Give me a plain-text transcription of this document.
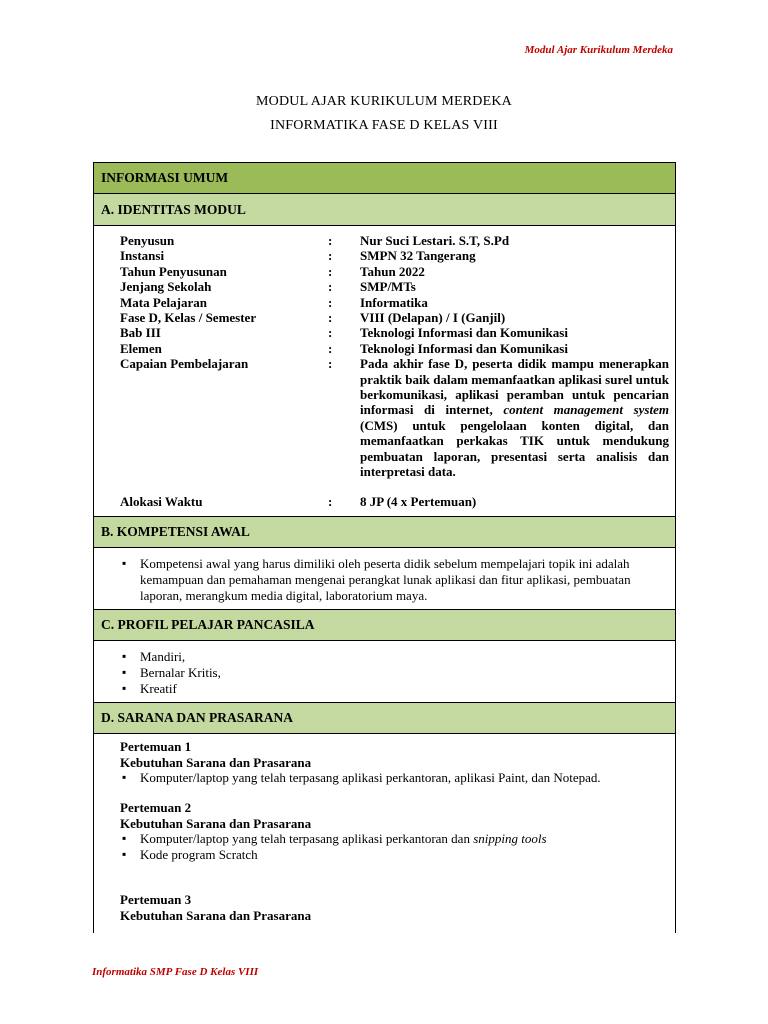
Modul Ajar Kurikulum Merdeka
MODUL AJAR KURIKULUM MERDEKA
INFORMATIKA FASE D KELAS VIII
INFORMASI UMUM
A. IDENTITAS MODUL
Penyusun	: Nur Suci Lestari. S.T, S.Pd
Instansi	: SMPN 32 Tangerang
Tahun Penyusunan	: Tahun 2022
Jenjang Sekolah	: SMP/MTs
Mata Pelajaran	: Informatika
Fase D, Kelas / Semester	: VIII (Delapan) / I (Ganjil)
Bab III	: Teknologi Informasi dan Komunikasi
Elemen	: Teknologi Informasi dan Komunikasi
Capaian Pembelajaran	: Pada akhir fase D, peserta didik mampu menerapkan praktik baik dalam memanfaatkan aplikasi surel untuk berkomunikasi, aplikasi peramban untuk pencarian informasi di internet, content management system (CMS) untuk pengelolaan konten digital, dan memanfaatkan perkakas TIK untuk mendukung pembuatan laporan, presentasi serta analisis dan interpretasi data.
Alokasi Waktu	: 8 JP (4 x Pertemuan)
B. KOMPETENSI AWAL
▪ Kompetensi awal yang harus dimiliki oleh peserta didik sebelum mempelajari topik ini adalah kemampuan dan pemahaman mengenai perangkat lunak aplikasi dan fitur aplikasi, pembuatan laporan, merangkum media digital, laboratorium maya.
C. PROFIL PELAJAR PANCASILA
▪ Mandiri,
▪ Bernalar Kritis,
▪ Kreatif
D. SARANA DAN PRASARANA
Pertemuan 1
Kebutuhan Sarana dan Prasarana
▪ Komputer/laptop yang telah terpasang aplikasi perkantoran, aplikasi Paint, dan Notepad.
Pertemuan 2
Kebutuhan Sarana dan Prasarana
▪ Komputer/laptop yang telah terpasang aplikasi perkantoran dan snipping tools
▪ Kode program Scratch
Pertemuan 3
Kebutuhan Sarana dan Prasarana
Informatika SMP Fase D Kelas VIII
